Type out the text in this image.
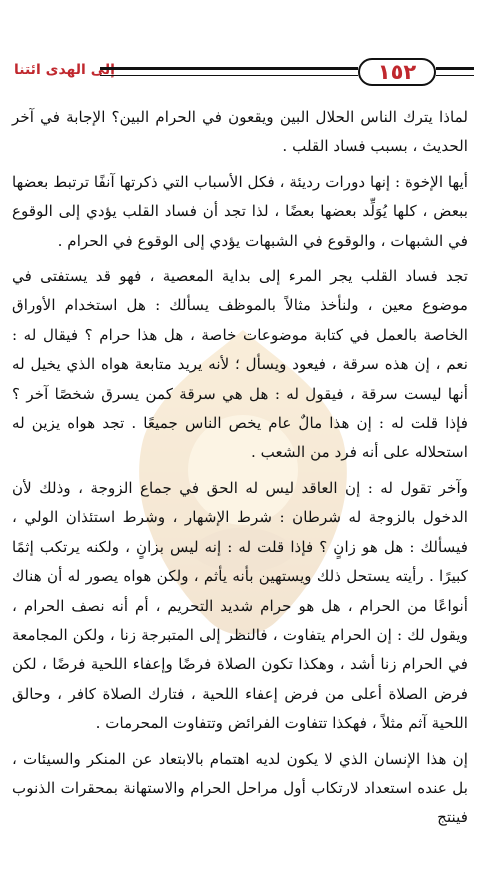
إلى الهدى ائتنا	١٥٢

لماذا يترك الناس الحلال البين ويقعون في الحرام البين؟ الإجابة في آخر الحديث ، بسبب فساد القلب .

أيها الإخوة : إنها دورات رديئة ، فكل الأسباب التي ذكرتها آنفًا ترتبط بعضها ببعض ، كلها يُوَلِّد بعضها بعضًا ، لذا تجد أن فساد القلب يؤدي إلى الوقوع في الشبهات ، والوقوع في الشبهات يؤدي إلى الوقوع في الحرام .

تجد فساد القلب يجر المرء إلى بداية المعصية ، فهو قد يستفتى في موضوع معين ، ولنأخذ مثالاً بالموظف يسألك : هل استخدام الأوراق الخاصة بالعمل في كتابة موضوعات خاصة ، هل هذا حرام ؟ فيقال له : نعم ، إن هذه سرقة ، فيعود ويسأل ؛ لأنه يريد متابعة هواه الذي يخيل له أنها ليست سرقة ، فيقول له : هل هي سرقة كمن يسرق شخصًا آخر ؟ فإذا قلت له : إن هذا مالٌ عام يخص الناس جميعًا . تجد هواه يزين له استحلاله على أنه فرد من الشعب .

وآخر تقول له : إن العاقد ليس له الحق في جماع الزوجة ، وذلك لأن الدخول بالزوجة له شرطان : شرط الإشهار ، وشرط استئذان الولي ، فيسألك : هل هو زانٍ ؟ فإذا قلت له : إنه ليس بزانٍ ، ولكنه يرتكب إثمًا كبيرًا . رأيته يستحل ذلك ويستهين بأنه يأثم ، ولكن هواه يصور له أن هناك أنواعًا من الحرام ، هل هو حرام شديد التحريم ، أم أنه نصف الحرام ، ويقول لك : إن الحرام يتفاوت ، فالنظر إلى المتبرجة زنا ، ولكن المجامعة في الحرام زنا أشد ، وهكذا تكون الصلاة فرضًا وإعفاء اللحية فرضًا ، لكن فرض الصلاة أعلى من فرض إعفاء اللحية ، فتارك الصلاة كافر ، وحالق اللحية آثم مثلاً ، فهكذا تتفاوت الفرائض وتتفاوت المحرمات .

إن هذا الإنسان الذي لا يكون لديه اهتمام بالابتعاد عن المنكر والسيئات ، بل عنده استعداد لارتكاب أول مراحل الحرام والاستهانة بمحقرات الذنوب فينتج
